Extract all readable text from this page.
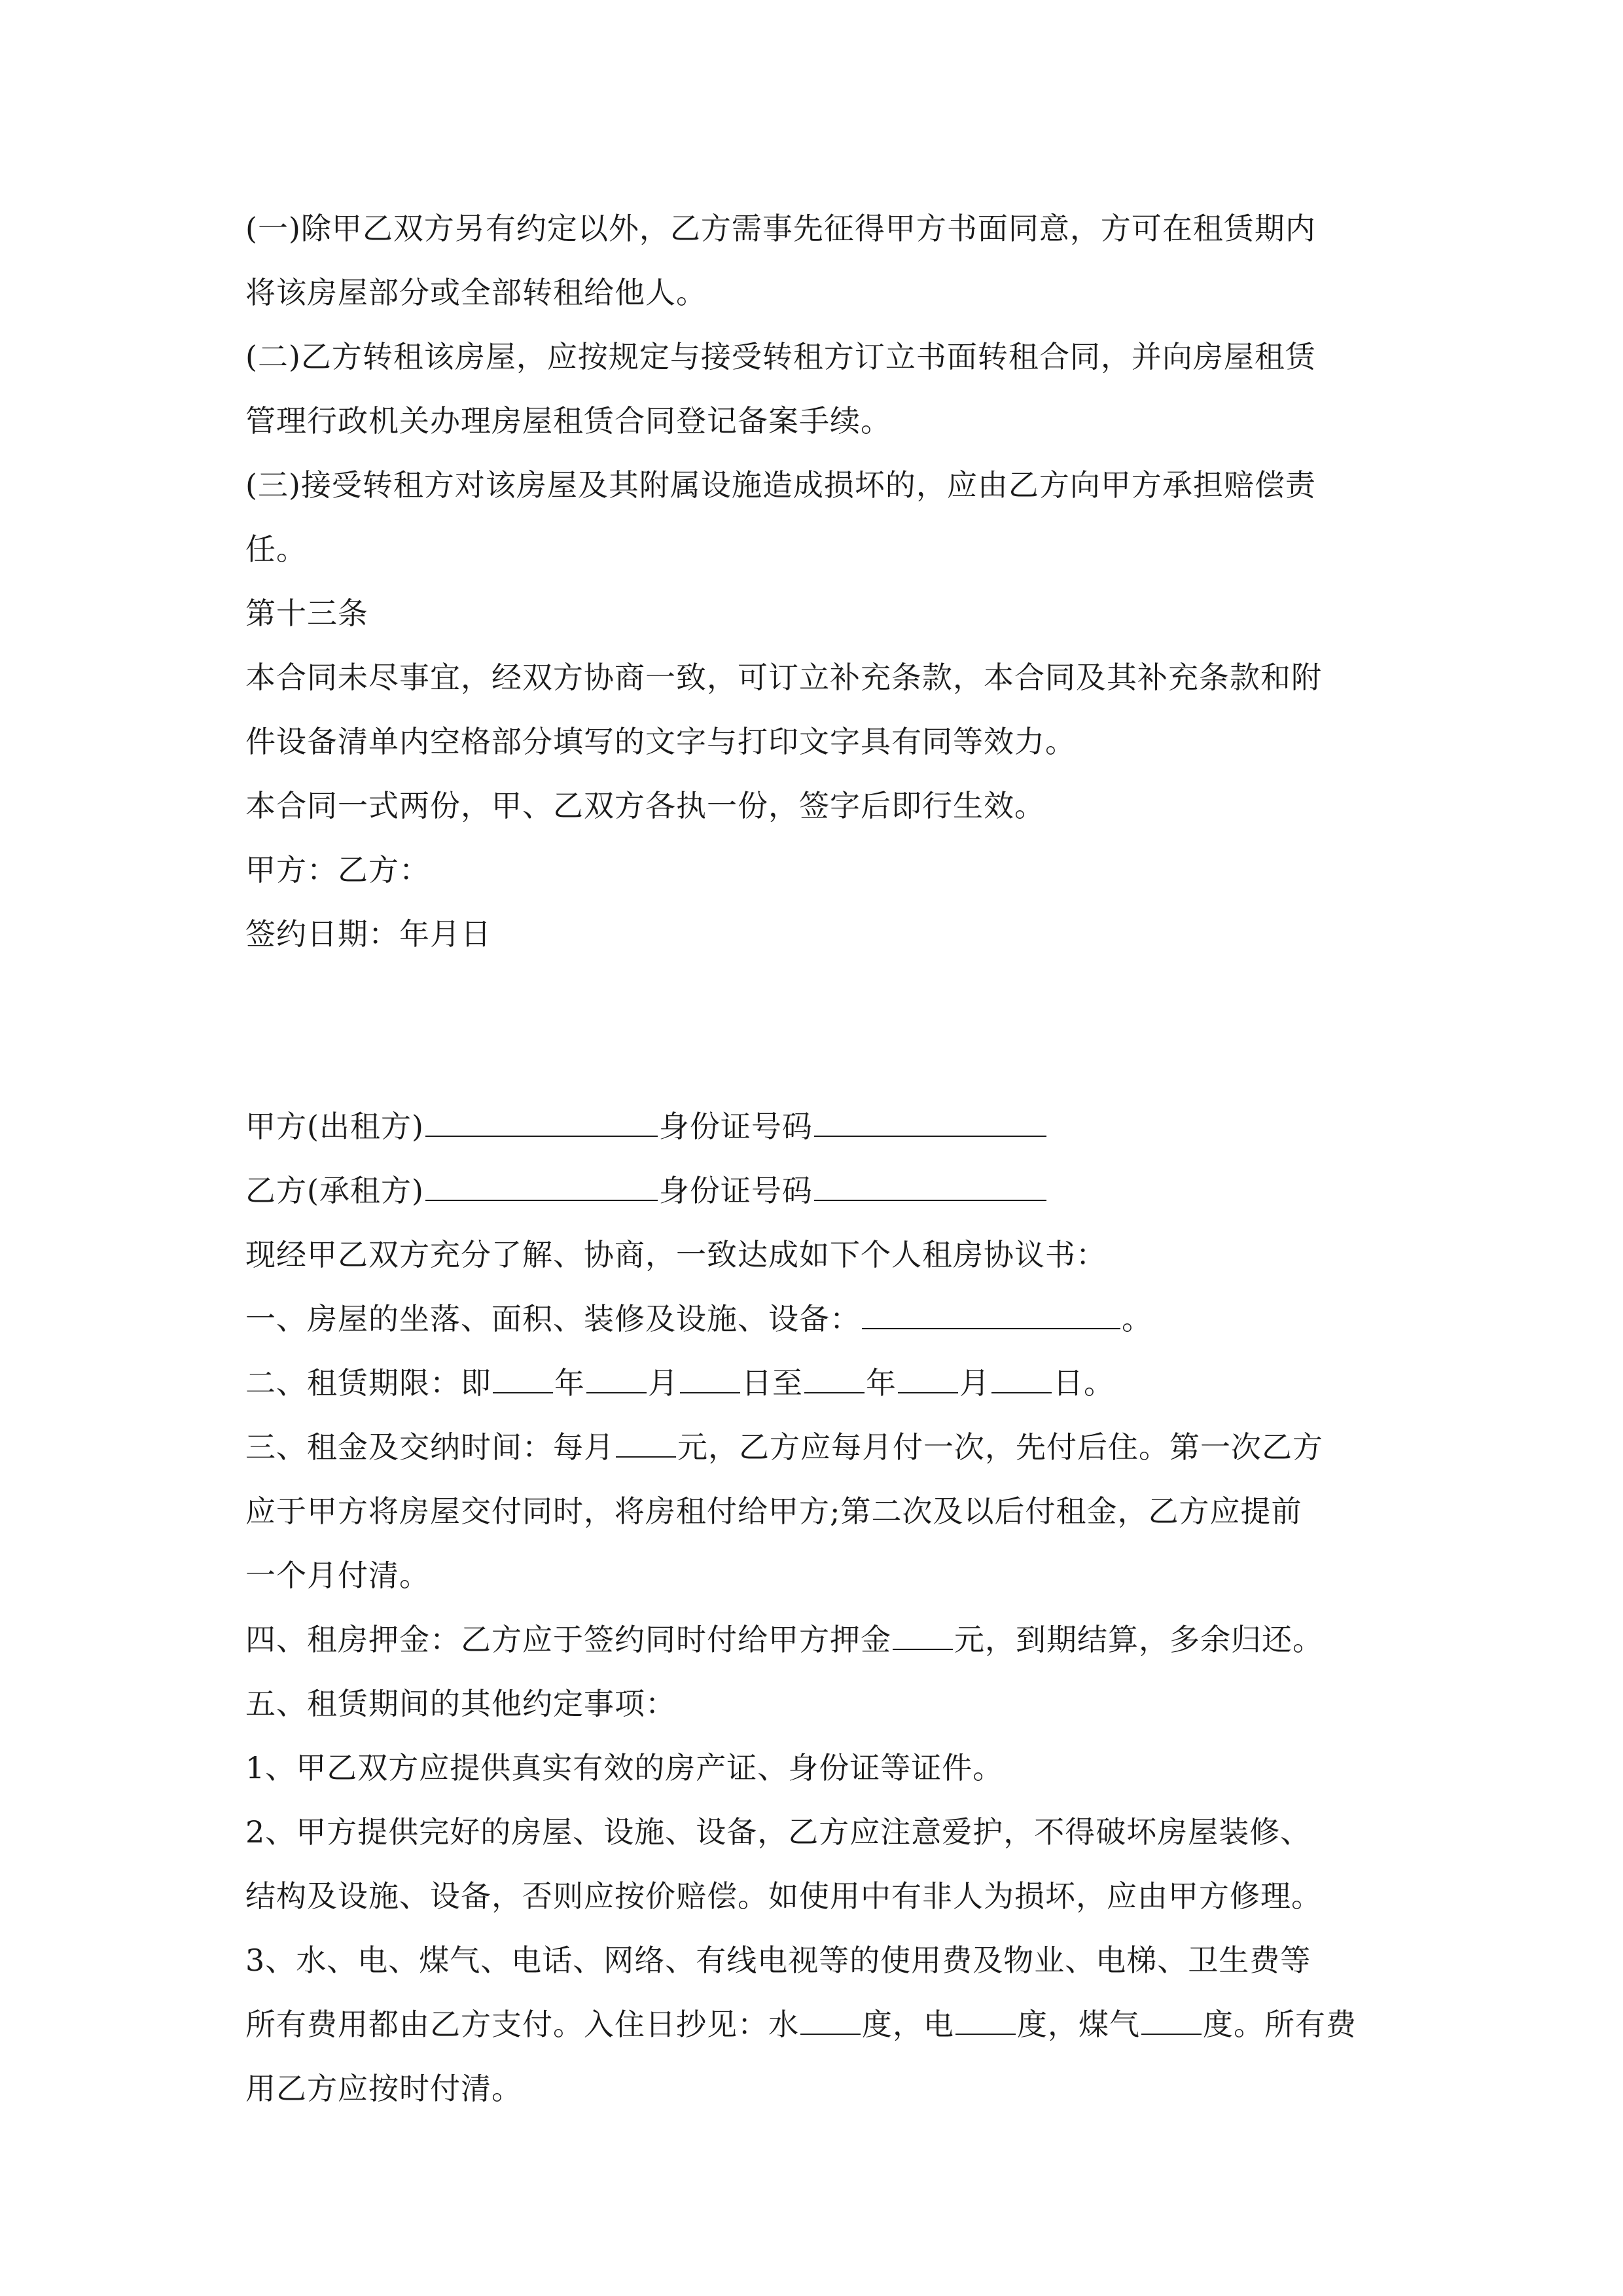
(一)除甲乙双方另有约定以外，乙方需事先征得甲方书面同意，方可在租赁期内
将该房屋部分或全部转租给他人。
(二)乙方转租该房屋，应按规定与接受转租方订立书面转租合同，并向房屋租赁
管理行政机关办理房屋租赁合同登记备案手续。
(三)接受转租方对该房屋及其附属设施造成损坏的，应由乙方向甲方承担赔偿责
任。
第十三条
本合同未尽事宜，经双方协商一致，可订立补充条款，本合同及其补充条款和附
件设备清单内空格部分填写的文字与打印文字具有同等效力。
本合同一式两份，甲、乙双方各执一份，签字后即行生效。
甲方：乙方：
签约日期：年月日
甲方(出租方)	身份证号码
乙方(承租方)	身份证号码
现经甲乙双方充分了解、协商，一致达成如下个人租房协议书：
一、房屋的坐落、面积、装修及设施、设备：	。
二、租赁期限：即 年 月 日至 年 月 日。
三、租金及交纳时间：每月 元，乙方应每月付一次，先付后住。第一次乙方
应于甲方将房屋交付同时，将房租付给甲方;第二次及以后付租金，乙方应提前
一个月付清。
四、租房押金：乙方应于签约同时付给甲方押金 元，到期结算，多余归还。
五、租赁期间的其他约定事项：
1、甲乙双方应提供真实有效的房产证、身份证等证件。
2、甲方提供完好的房屋、设施、设备，乙方应注意爱护，不得破坏房屋装修、
结构及设施、设备，否则应按价赔偿。如使用中有非人为损坏，应由甲方修理。
3、水、电、煤气、电话、网络、有线电视等的使用费及物业、电梯、卫生费等
所有费用都由乙方支付。入住日抄见：水 度，电 度，煤气 度。所有费
用乙方应按时付清。
